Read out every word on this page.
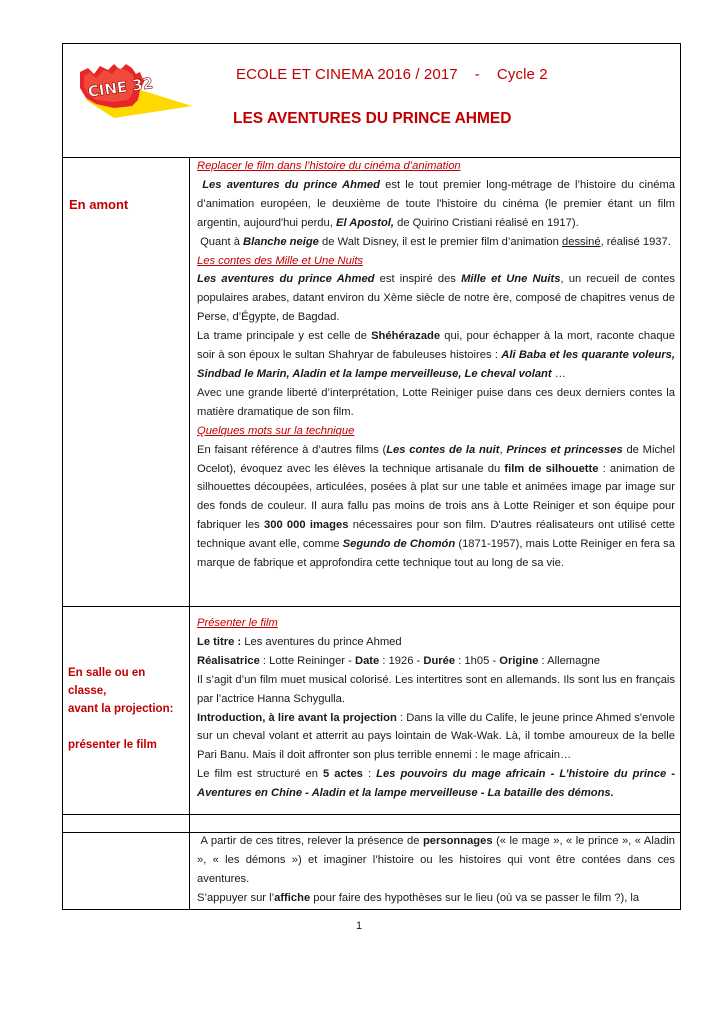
CINE 32	ECOLE ET CINEMA 2016 / 2017    -    Cycle 2
LES AVENTURES DU PRINCE AHMED
En amont

Replacer le film dans l’histoire du cinéma d’animation

Les aventures du prince Ahmed est le tout premier long-métrage de l’histoire du cinéma d’animation européen, le deuxième de toute l'histoire du cinéma (le premier étant un film argentin, aujourd'hui perdu, El Apostol, de Quirino Cristiani réalisé en 1917).

Quant à Blanche neige de Walt Disney, il est le premier film d’animation dessiné, réalisé 1937.

Les contes des Mille et Une Nuits

Les aventures du prince Ahmed est inspiré des Mille et Une Nuits, un recueil de contes populaires arabes, datant environ du Xème siècle de notre ère, composé de chapitres venus de Perse, d’Égypte, de Bagdad.

La trame principale y est celle de Shéhérazade qui, pour échapper à la mort, raconte chaque soir à son époux le sultan Shahryar de fabuleuses histoires : Ali Baba et les quarante voleurs, Sindbad le Marin, Aladin et la lampe merveilleuse, Le cheval volant …

Avec une grande liberté d’interprétation, Lotte Reiniger puise dans ces deux derniers contes la matière dramatique de son film.

Quelques mots sur la technique

En faisant référence à d’autres films (Les contes de la nuit, Princes et princesses de Michel Ocelot), évoquez avec les élèves la technique artisanale du film de silhouette : animation de silhouettes découpées, articulées, posées à plat sur une table et animées image par image sur des fonds de couleur. Il aura fallu pas moins de trois ans à Lotte Reiniger et son équipe pour fabriquer les 300 000 images nécessaires pour son film. D'autres réalisateurs ont utilisé cette technique avant elle, comme Segundo de Chomón (1871-1957), mais Lotte Reiniger en fera sa marque de fabrique et approfondira cette technique tout au long de sa vie.

En salle ou en classe,
avant la projection:
présenter le film

Présenter le film

Le titre : Les aventures du prince Ahmed

Réalisatrice : Lotte Reininger - Date : 1926 - Durée : 1h05 - Origine : Allemagne

Il s’agit d’un film muet musical colorisé. Les intertitres sont en allemands. Ils sont lus en français par l’actrice Hanna Schygulla.

Introduction, à lire avant la projection : Dans la ville du Calife, le jeune prince Ahmed s'envole sur un cheval volant et atterrit au pays lointain de Wak-Wak. Là, il tombe amoureux de la belle Pari Banu. Mais il doit affronter son plus terrible ennemi : le mage africain…

Le film est structuré en 5 actes : Les pouvoirs du mage africain - L’histoire du prince - Aventures en Chine - Aladin et la lampe merveilleuse - La bataille des démons.

A partir de ces titres, relever la présence de personnages (« le mage », « le prince », « Aladin », « les démons ») et imaginer l’histoire ou les histoires qui vont être contées dans ces aventures.

S’appuyer sur l’affiche pour faire des hypothèses sur le lieu (où va se passer le film ?), la

1
